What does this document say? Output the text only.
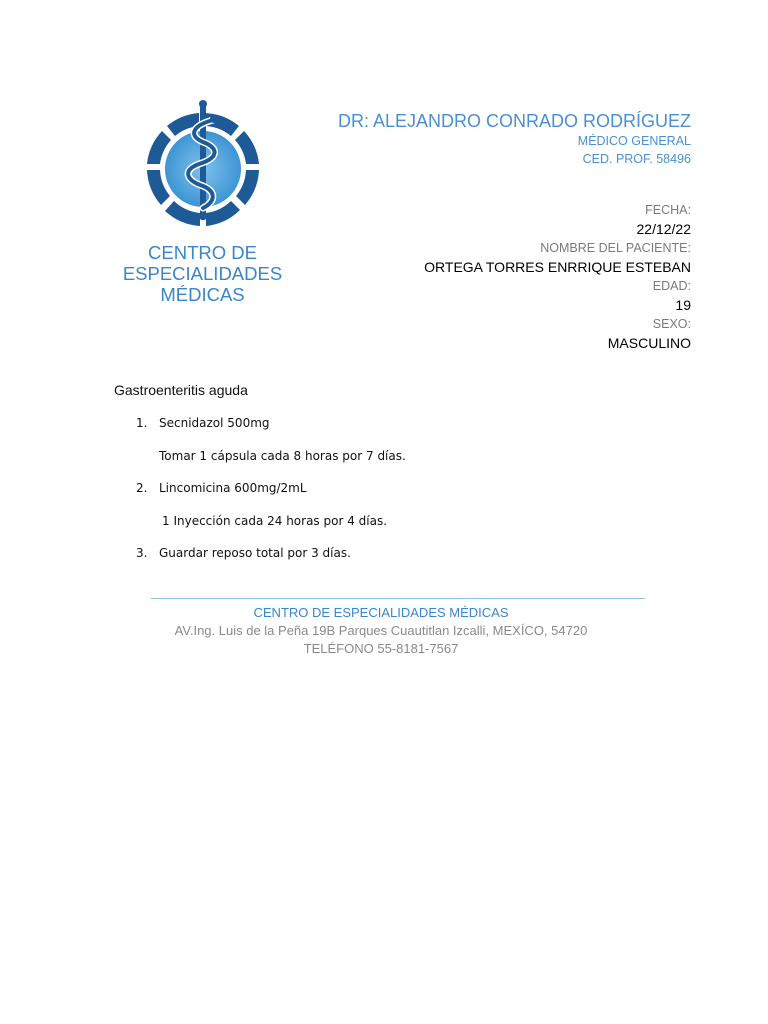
CENTRO DE
ESPECIALIDADES
MÉDICAS
DR: ALEJANDRO CONRADO RODRÍGUEZ
MÉDICO GENERAL
CED. PROF. 58496
FECHA:
22/12/22
NOMBRE DEL PACIENTE:
ORTEGA TORRES ENRRIQUE ESTEBAN
EDAD:
19
SEXO:
MASCULINO
Gastroenteritis aguda
1. Secnidazol 500mg
Tomar 1 cápsula cada 8 horas por 7 días.
2. Lincomicina 600mg/2mL
1 Inyección cada 24 horas por 4 días.
3. Guardar reposo total por 3 días.
CENTRO DE ESPECIALIDADES MÉDICAS
AV.Ing. Luis de la Peña 19B Parques Cuautitlan Izcalli, MEXÍCO, 54720
TELÉFONO 55-8181-7567
